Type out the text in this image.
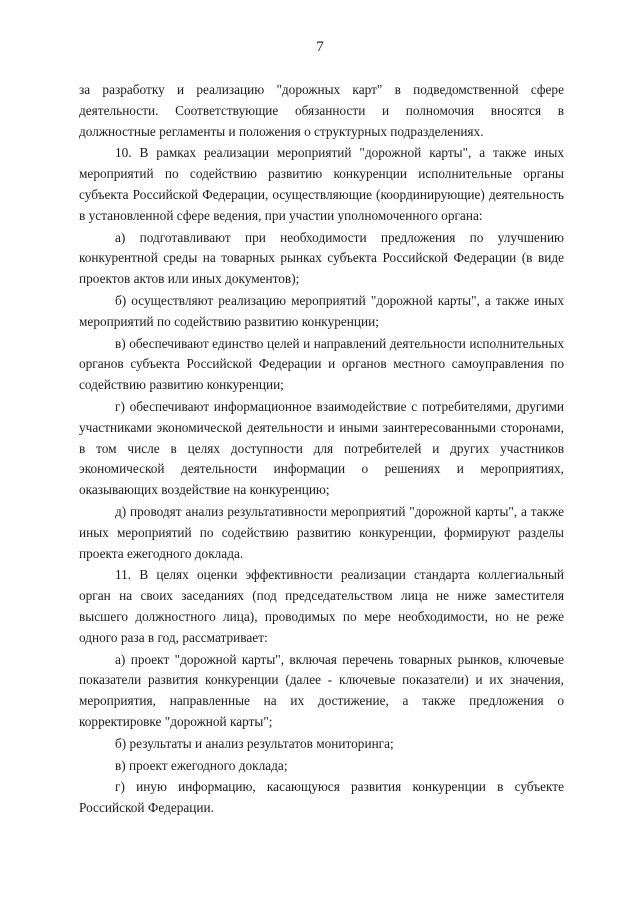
7

за разработку и реализацию "дорожных карт" в подведомственной сфере деятельности. Соответствующие обязанности и полномочия вносятся в должностные регламенты и положения о структурных подразделениях.

10. В рамках реализации мероприятий "дорожной карты", а также иных мероприятий по содействию развитию конкуренции исполнительные органы субъекта Российской Федерации, осуществляющие (координирующие) деятельность в установленной сфере ведения, при участии уполномоченного органа:

а) подготавливают при необходимости предложения по улучшению конкурентной среды на товарных рынках субъекта Российской Федерации (в виде проектов актов или иных документов);

б) осуществляют реализацию мероприятий "дорожной карты", а также иных мероприятий по содействию развитию конкуренции;

в) обеспечивают единство целей и направлений деятельности исполнительных органов субъекта Российской Федерации и органов местного самоуправления по содействию развитию конкуренции;

г) обеспечивают информационное взаимодействие с потребителями, другими участниками экономической деятельности и иными заинтересованными сторонами, в том числе в целях доступности для потребителей и других участников экономической деятельности информации о решениях и мероприятиях, оказывающих воздействие на конкуренцию;

д) проводят анализ результативности мероприятий "дорожной карты", а также иных мероприятий по содействию развитию конкуренции, формируют разделы проекта ежегодного доклада.

11. В целях оценки эффективности реализации стандарта коллегиальный орган на своих заседаниях (под председательством лица не ниже заместителя высшего должностного лица), проводимых по мере необходимости, но не реже одного раза в год, рассматривает:

а) проект "дорожной карты", включая перечень товарных рынков, ключевые показатели развития конкуренции (далее - ключевые показатели) и их значения, мероприятия, направленные на их достижение, а также предложения о корректировке "дорожной карты";

б) результаты и анализ результатов мониторинга;

в) проект ежегодного доклада;

г) иную информацию, касающуюся развития конкуренции в субъекте Российской Федерации.
